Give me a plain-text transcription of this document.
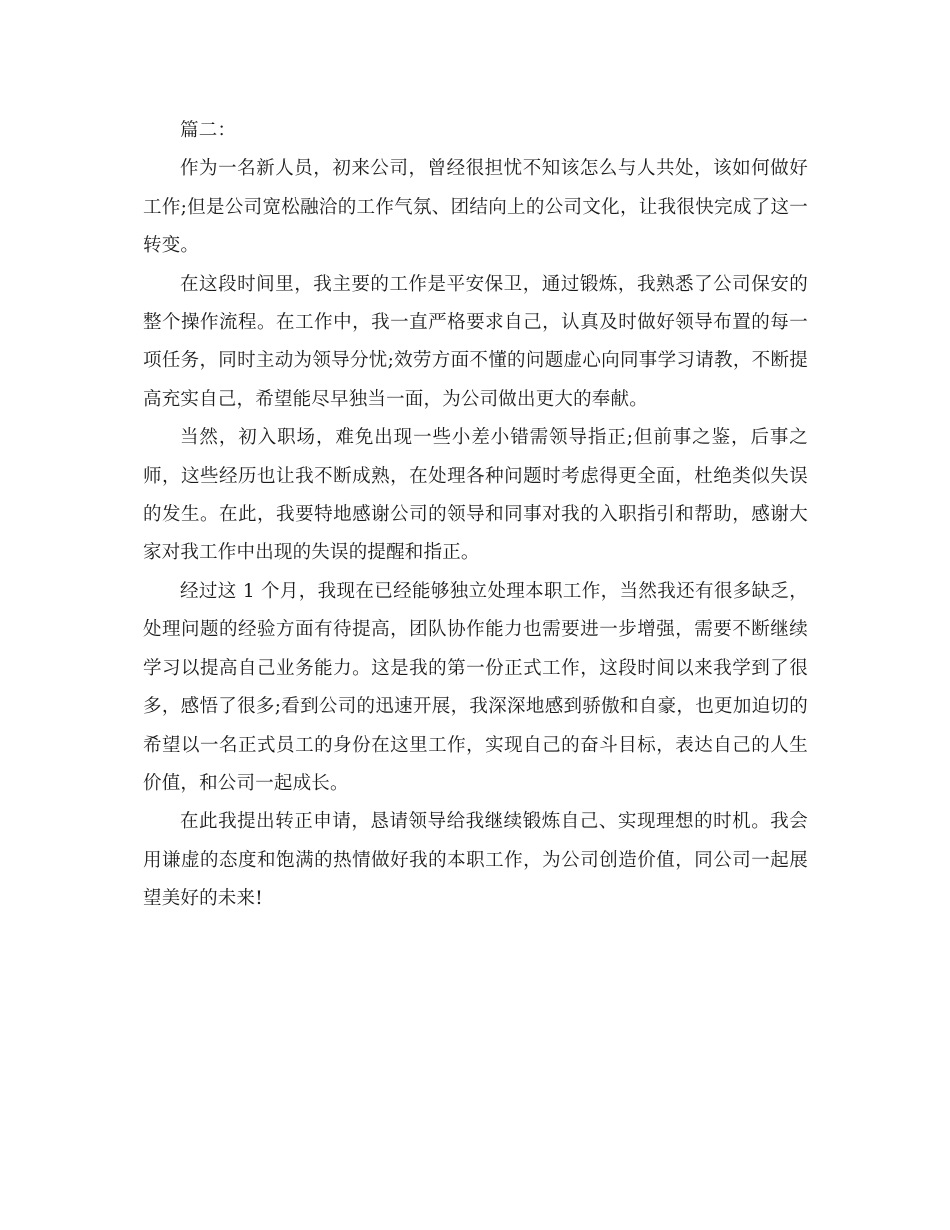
篇二：

作为一名新人员，初来公司，曾经很担忧不知该怎么与人共处，该如何做好工作;但是公司宽松融洽的工作气氛、团结向上的公司文化，让我很快完成了这一转变。

在这段时间里，我主要的工作是平安保卫，通过锻炼，我熟悉了公司保安的整个操作流程。在工作中，我一直严格要求自己，认真及时做好领导布置的每一项任务，同时主动为领导分忧;效劳方面不懂的问题虚心向同事学习请教，不断提高充实自己，希望能尽早独当一面，为公司做出更大的奉献。

当然，初入职场，难免出现一些小差小错需领导指正;但前事之鉴，后事之师，这些经历也让我不断成熟，在处理各种问题时考虑得更全面，杜绝类似失误的发生。在此，我要特地感谢公司的领导和同事对我的入职指引和帮助，感谢大家对我工作中出现的失误的提醒和指正。

经过这 1 个月，我现在已经能够独立处理本职工作，当然我还有很多缺乏，处理问题的经验方面有待提高，团队协作能力也需要进一步增强，需要不断继续学习以提高自己业务能力。这是我的第一份正式工作，这段时间以来我学到了很多，感悟了很多;看到公司的迅速开展，我深深地感到骄傲和自豪，也更加迫切的希望以一名正式员工的身份在这里工作，实现自己的奋斗目标，表达自己的人生价值，和公司一起成长。

在此我提出转正申请，恳请领导给我继续锻炼自己、实现理想的时机。我会用谦虚的态度和饱满的热情做好我的本职工作，为公司创造价值，同公司一起展望美好的未来!
